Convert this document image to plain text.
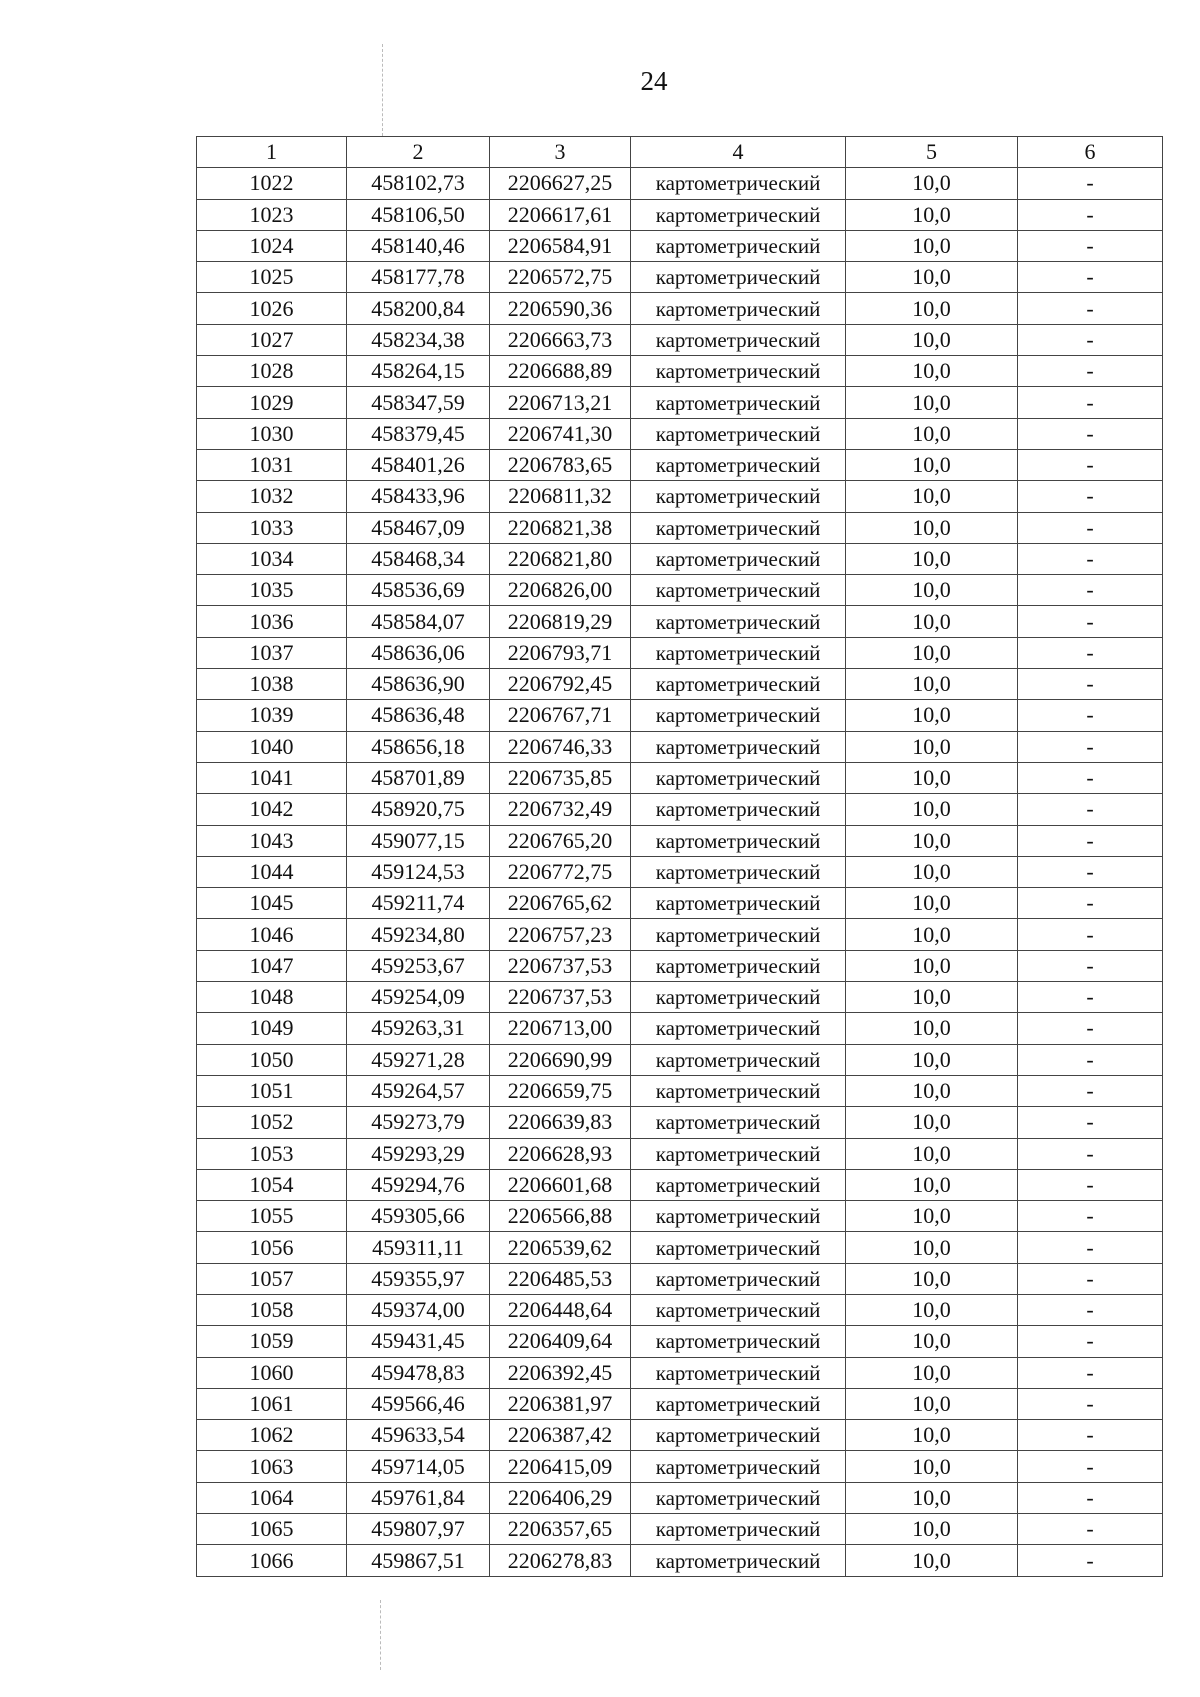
24
1	2	3	4	5	6
1022	458102,73	2206627,25	картометрический	10,0	-
1023	458106,50	2206617,61	картометрический	10,0	-
1024	458140,46	2206584,91	картометрический	10,0	-
1025	458177,78	2206572,75	картометрический	10,0	-
1026	458200,84	2206590,36	картометрический	10,0	-
1027	458234,38	2206663,73	картометрический	10,0	-
1028	458264,15	2206688,89	картометрический	10,0	-
1029	458347,59	2206713,21	картометрический	10,0	-
1030	458379,45	2206741,30	картометрический	10,0	-
1031	458401,26	2206783,65	картометрический	10,0	-
1032	458433,96	2206811,32	картометрический	10,0	-
1033	458467,09	2206821,38	картометрический	10,0	-
1034	458468,34	2206821,80	картометрический	10,0	-
1035	458536,69	2206826,00	картометрический	10,0	-
1036	458584,07	2206819,29	картометрический	10,0	-
1037	458636,06	2206793,71	картометрический	10,0	-
1038	458636,90	2206792,45	картометрический	10,0	-
1039	458636,48	2206767,71	картометрический	10,0	-
1040	458656,18	2206746,33	картометрический	10,0	-
1041	458701,89	2206735,85	картометрический	10,0	-
1042	458920,75	2206732,49	картометрический	10,0	-
1043	459077,15	2206765,20	картометрический	10,0	-
1044	459124,53	2206772,75	картометрический	10,0	-
1045	459211,74	2206765,62	картометрический	10,0	-
1046	459234,80	2206757,23	картометрический	10,0	-
1047	459253,67	2206737,53	картометрический	10,0	-
1048	459254,09	2206737,53	картометрический	10,0	-
1049	459263,31	2206713,00	картометрический	10,0	-
1050	459271,28	2206690,99	картометрический	10,0	-
1051	459264,57	2206659,75	картометрический	10,0	-
1052	459273,79	2206639,83	картометрический	10,0	-
1053	459293,29	2206628,93	картометрический	10,0	-
1054	459294,76	2206601,68	картометрический	10,0	-
1055	459305,66	2206566,88	картометрический	10,0	-
1056	459311,11	2206539,62	картометрический	10,0	-
1057	459355,97	2206485,53	картометрический	10,0	-
1058	459374,00	2206448,64	картометрический	10,0	-
1059	459431,45	2206409,64	картометрический	10,0	-
1060	459478,83	2206392,45	картометрический	10,0	-
1061	459566,46	2206381,97	картометрический	10,0	-
1062	459633,54	2206387,42	картометрический	10,0	-
1063	459714,05	2206415,09	картометрический	10,0	-
1064	459761,84	2206406,29	картометрический	10,0	-
1065	459807,97	2206357,65	картометрический	10,0	-
1066	459867,51	2206278,83	картометрический	10,0	-
